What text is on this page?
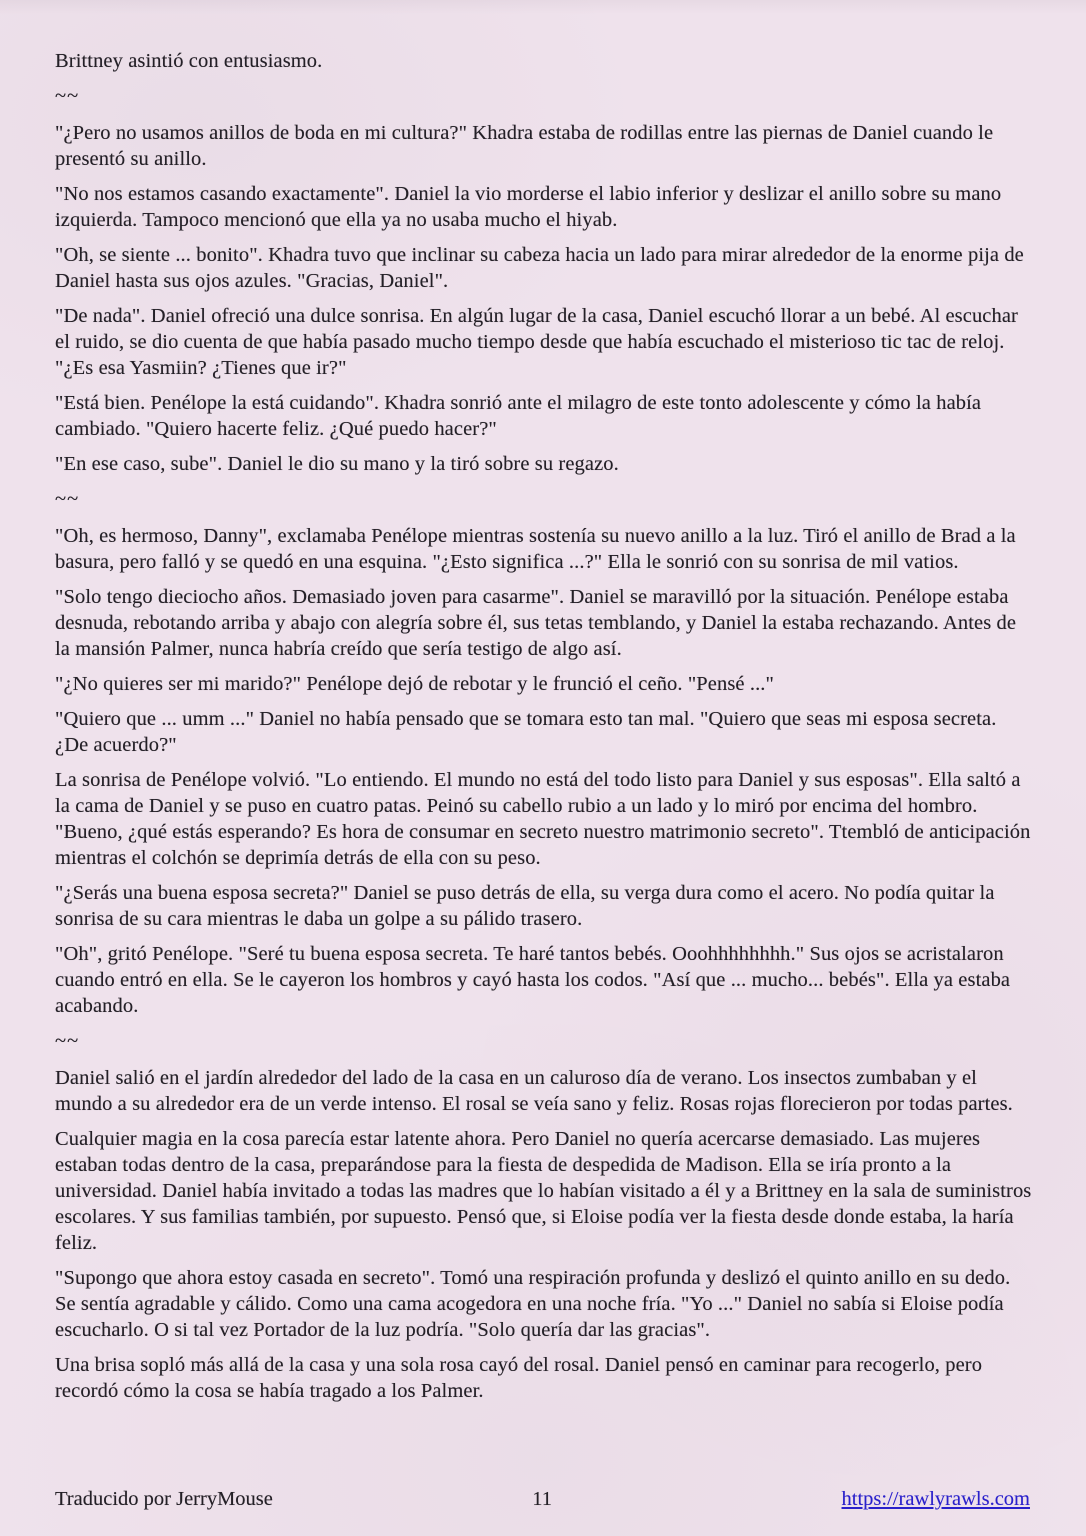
Brittney asintió con entusiasmo.

~~

"¿Pero no usamos anillos de boda en mi cultura?" Khadra estaba de rodillas entre las piernas de Daniel cuando le presentó su anillo.

"No nos estamos casando exactamente". Daniel la vio morderse el labio inferior y deslizar el anillo sobre su mano izquierda. Tampoco mencionó que ella ya no usaba mucho el hiyab.

"Oh, se siente ... bonito". Khadra tuvo que inclinar su cabeza hacia un lado para mirar alrededor de la enorme pija de Daniel hasta sus ojos azules. "Gracias, Daniel".

"De nada". Daniel ofreció una dulce sonrisa. En algún lugar de la casa, Daniel escuchó llorar a un bebé. Al escuchar el ruido, se dio cuenta de que había pasado mucho tiempo desde que había escuchado el misterioso tic tac de reloj. "¿Es esa Yasmiin? ¿Tienes que ir?"

"Está bien. Penélope la está cuidando". Khadra sonrió ante el milagro de este tonto adolescente y cómo la había cambiado. "Quiero hacerte feliz. ¿Qué puedo hacer?"

"En ese caso, sube". Daniel le dio su mano y la tiró sobre su regazo.

~~

"Oh, es hermoso, Danny", exclamaba Penélope mientras sostenía su nuevo anillo a la luz. Tiró el anillo de Brad a la basura, pero falló y se quedó en una esquina. "¿Esto significa ...?" Ella le sonrió con su sonrisa de mil vatios.

"Solo tengo dieciocho años. Demasiado joven para casarme". Daniel se maravilló por la situación. Penélope estaba desnuda, rebotando arriba y abajo con alegría sobre él, sus tetas temblando, y Daniel la estaba rechazando. Antes de la mansión Palmer, nunca habría creído que sería testigo de algo así.

"¿No quieres ser mi marido?" Penélope dejó de rebotar y le frunció el ceño. "Pensé ..."

"Quiero que ... umm ..." Daniel no había pensado que se tomara esto tan mal. "Quiero que seas mi esposa secreta. ¿De acuerdo?"

La sonrisa de Penélope volvió. "Lo entiendo. El mundo no está del todo listo para Daniel y sus esposas". Ella saltó a la cama de Daniel y se puso en cuatro patas. Peinó su cabello rubio a un lado y lo miró por encima del hombro. "Bueno, ¿qué estás esperando? Es hora de consumar en secreto nuestro matrimonio secreto". Ttembló de anticipación mientras el colchón se deprimía detrás de ella con su peso.

"¿Serás una buena esposa secreta?" Daniel se puso detrás de ella, su verga dura como el acero. No podía quitar la sonrisa de su cara mientras le daba un golpe a su pálido trasero.

"Oh", gritó Penélope. "Seré tu buena esposa secreta. Te haré tantos bebés. Ooohhhhhhhh." Sus ojos se acristalaron cuando entró en ella. Se le cayeron los hombros y cayó hasta los codos. "Así que ... mucho... bebés". Ella ya estaba acabando.

~~

Daniel salió en el jardín alrededor del lado de la casa en un caluroso día de verano. Los insectos zumbaban y el mundo a su alrededor era de un verde intenso. El rosal se veía sano y feliz. Rosas rojas florecieron por todas partes.

Cualquier magia en la cosa parecía estar latente ahora. Pero Daniel no quería acercarse demasiado. Las mujeres estaban todas dentro de la casa, preparándose para la fiesta de despedida de Madison. Ella se iría pronto a la universidad. Daniel había invitado a todas las madres que lo habían visitado a él y a Brittney en la sala de suministros escolares. Y sus familias también, por supuesto. Pensó que, si Eloise podía ver la fiesta desde donde estaba, la haría feliz.

"Supongo que ahora estoy casada en secreto". Tomó una respiración profunda y deslizó el quinto anillo en su dedo. Se sentía agradable y cálido. Como una cama acogedora en una noche fría. "Yo ..." Daniel no sabía si Eloise podía escucharlo. O si tal vez Portador de la luz podría. "Solo quería dar las gracias".

Una brisa sopló más allá de la casa y una sola rosa cayó del rosal. Daniel pensó en caminar para recogerlo, pero recordó cómo la cosa se había tragado a los Palmer.

Traducido por JerryMouse	11	https://rawlyrawls.com
